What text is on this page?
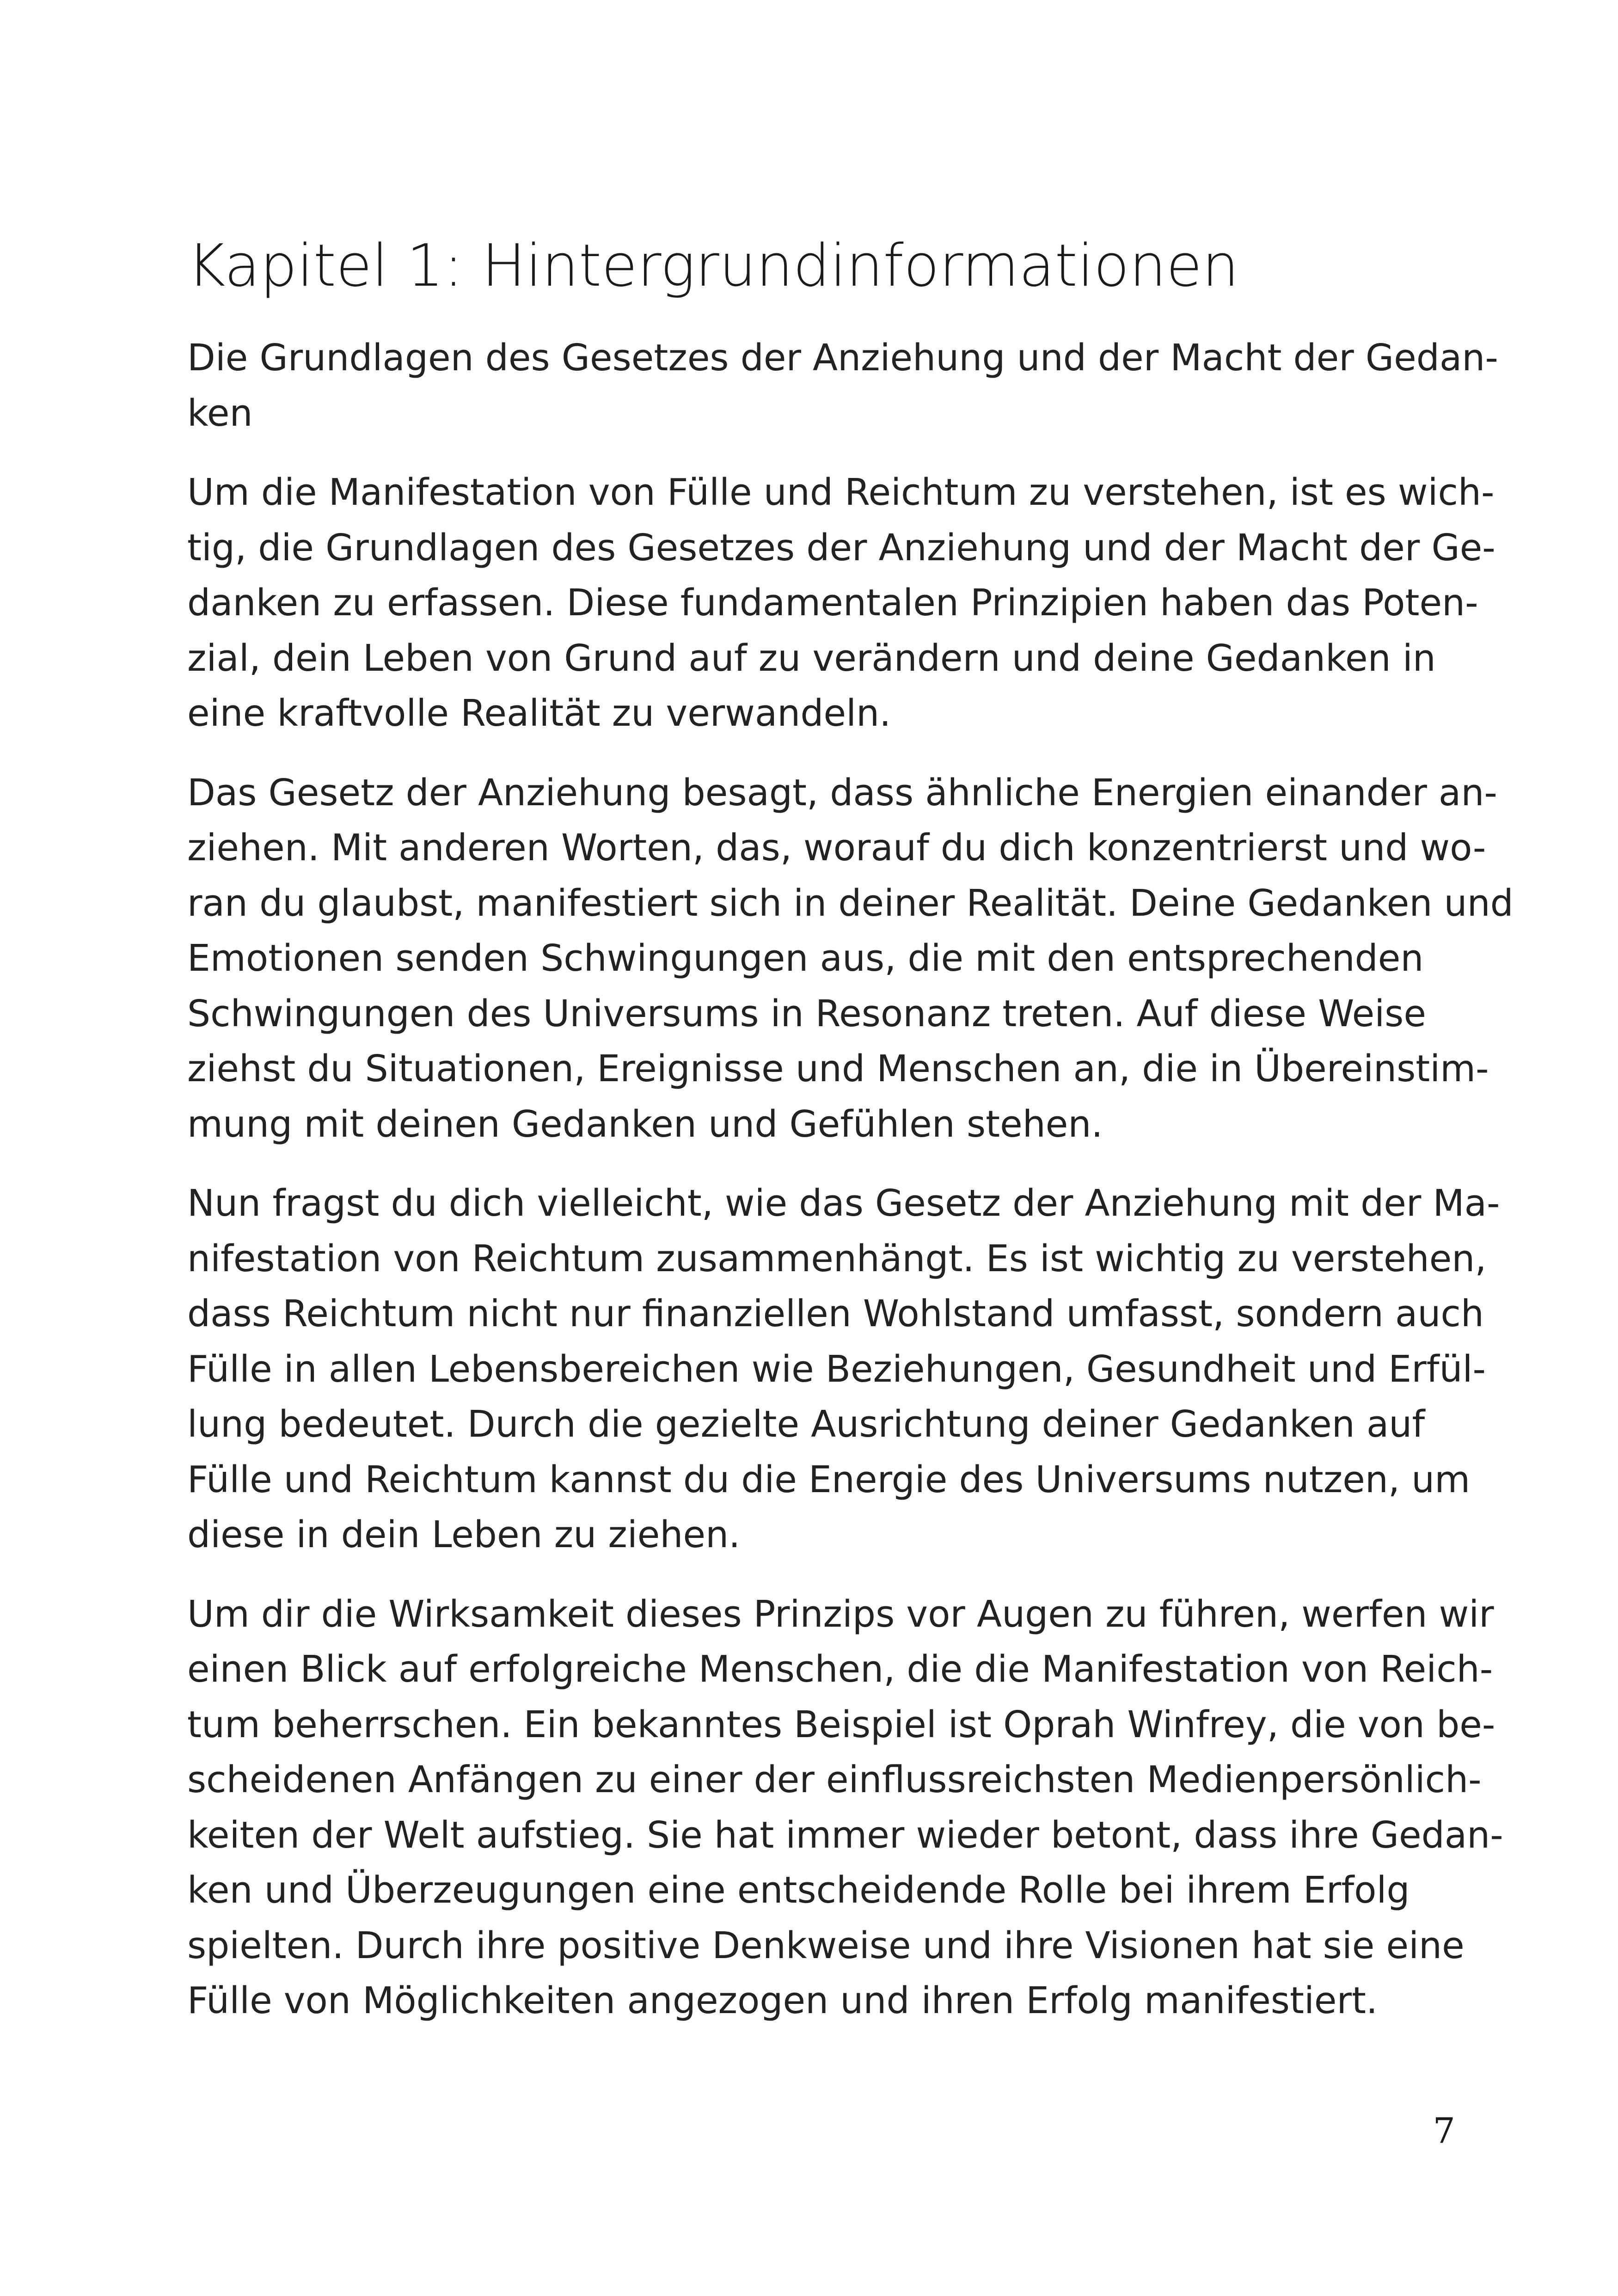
Kapitel 1: Hintergrundinformationen

Die Grundlagen des Gesetzes der Anziehung und der Macht der Gedan-
ken

Um die Manifestation von Fülle und Reichtum zu verstehen, ist es wich-
tig, die Grundlagen des Gesetzes der Anziehung und der Macht der Ge-
danken zu erfassen. Diese fundamentalen Prinzipien haben das Poten-
zial, dein Leben von Grund auf zu verändern und deine Gedanken in
eine kraftvolle Realität zu verwandeln.

Das Gesetz der Anziehung besagt, dass ähnliche Energien einander an-
ziehen. Mit anderen Worten, das, worauf du dich konzentrierst und wo-
ran du glaubst, manifestiert sich in deiner Realität. Deine Gedanken und
Emotionen senden Schwingungen aus, die mit den entsprechenden
Schwingungen des Universums in Resonanz treten. Auf diese Weise
ziehst du Situationen, Ereignisse und Menschen an, die in Übereinstim-
mung mit deinen Gedanken und Gefühlen stehen.

Nun fragst du dich vielleicht, wie das Gesetz der Anziehung mit der Ma-
nifestation von Reichtum zusammenhängt. Es ist wichtig zu verstehen,
dass Reichtum nicht nur finanziellen Wohlstand umfasst, sondern auch
Fülle in allen Lebensbereichen wie Beziehungen, Gesundheit und Erfül-
lung bedeutet. Durch die gezielte Ausrichtung deiner Gedanken auf
Fülle und Reichtum kannst du die Energie des Universums nutzen, um
diese in dein Leben zu ziehen.

Um dir die Wirksamkeit dieses Prinzips vor Augen zu führen, werfen wir
einen Blick auf erfolgreiche Menschen, die die Manifestation von Reich-
tum beherrschen. Ein bekanntes Beispiel ist Oprah Winfrey, die von be-
scheidenen Anfängen zu einer der einflussreichsten Medienpersönlich-
keiten der Welt aufstieg. Sie hat immer wieder betont, dass ihre Gedan-
ken und Überzeugungen eine entscheidende Rolle bei ihrem Erfolg
spielten. Durch ihre positive Denkweise und ihre Visionen hat sie eine
Fülle von Möglichkeiten angezogen und ihren Erfolg manifestiert.

7
